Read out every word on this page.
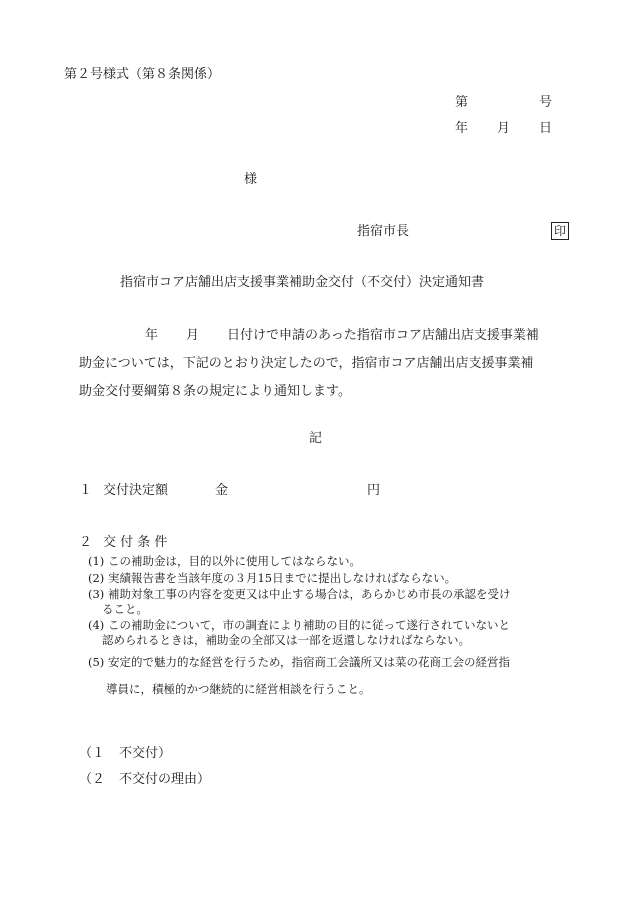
第２号様式（第８条関係）
第	号
年 月 日
様
指宿市長	印
指宿市コア店舗出店支援事業補助金交付（不交付）決定通知書
年 月 日付けで申請のあった指宿市コア店舗出店支援事業補
助金については，下記のとおり決定したので，指宿市コア店舗出店支援事業補
助金交付要綱第８条の規定により通知します。
記
１ 交付決定額	金	円
２ 交 付 条 件
(1) この補助金は，目的以外に使用してはならない。
(2) 実績報告書を当該年度の３月15日までに提出しなければならない。
(3) 補助対象工事の内容を変更又は中止する場合は，あらかじめ市長の承認を受け
ること。
(4) この補助金について，市の調査により補助の目的に従って遂行されていないと
認められるときは，補助金の全部又は一部を返還しなければならない。
(5) 安定的で魅力的な経営を行うため，指宿商工会議所又は菜の花商工会の経営指
導員に，積極的かつ継続的に経営相談を行うこと。
（１ 不交付）
（２ 不交付の理由）
